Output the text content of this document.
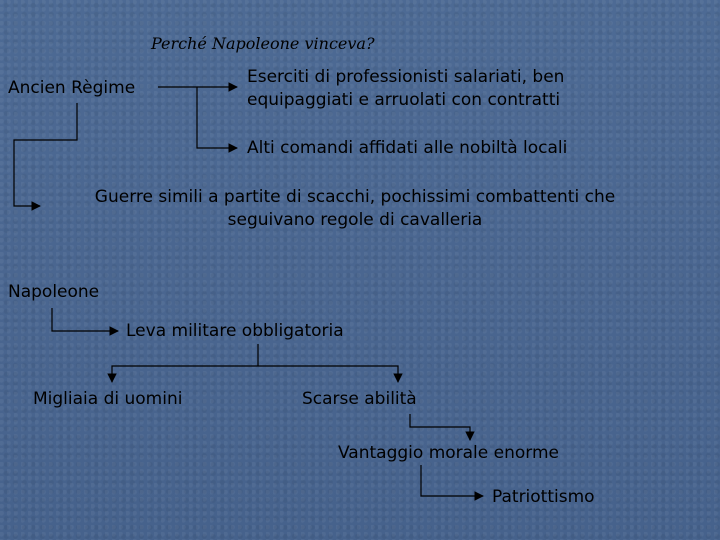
Perché Napoleone vinceva?
Ancien Règime
Eserciti di professionisti salariati, ben
equipaggiati e arruolati con contratti
Alti comandi affidati alle nobiltà locali
Guerre simili a partite di scacchi, pochissimi combattenti che
seguivano regole di cavalleria
Napoleone
Leva militare obbligatoria
Migliaia di uomini	Scarse abilità
Vantaggio morale enorme
Patriottismo
